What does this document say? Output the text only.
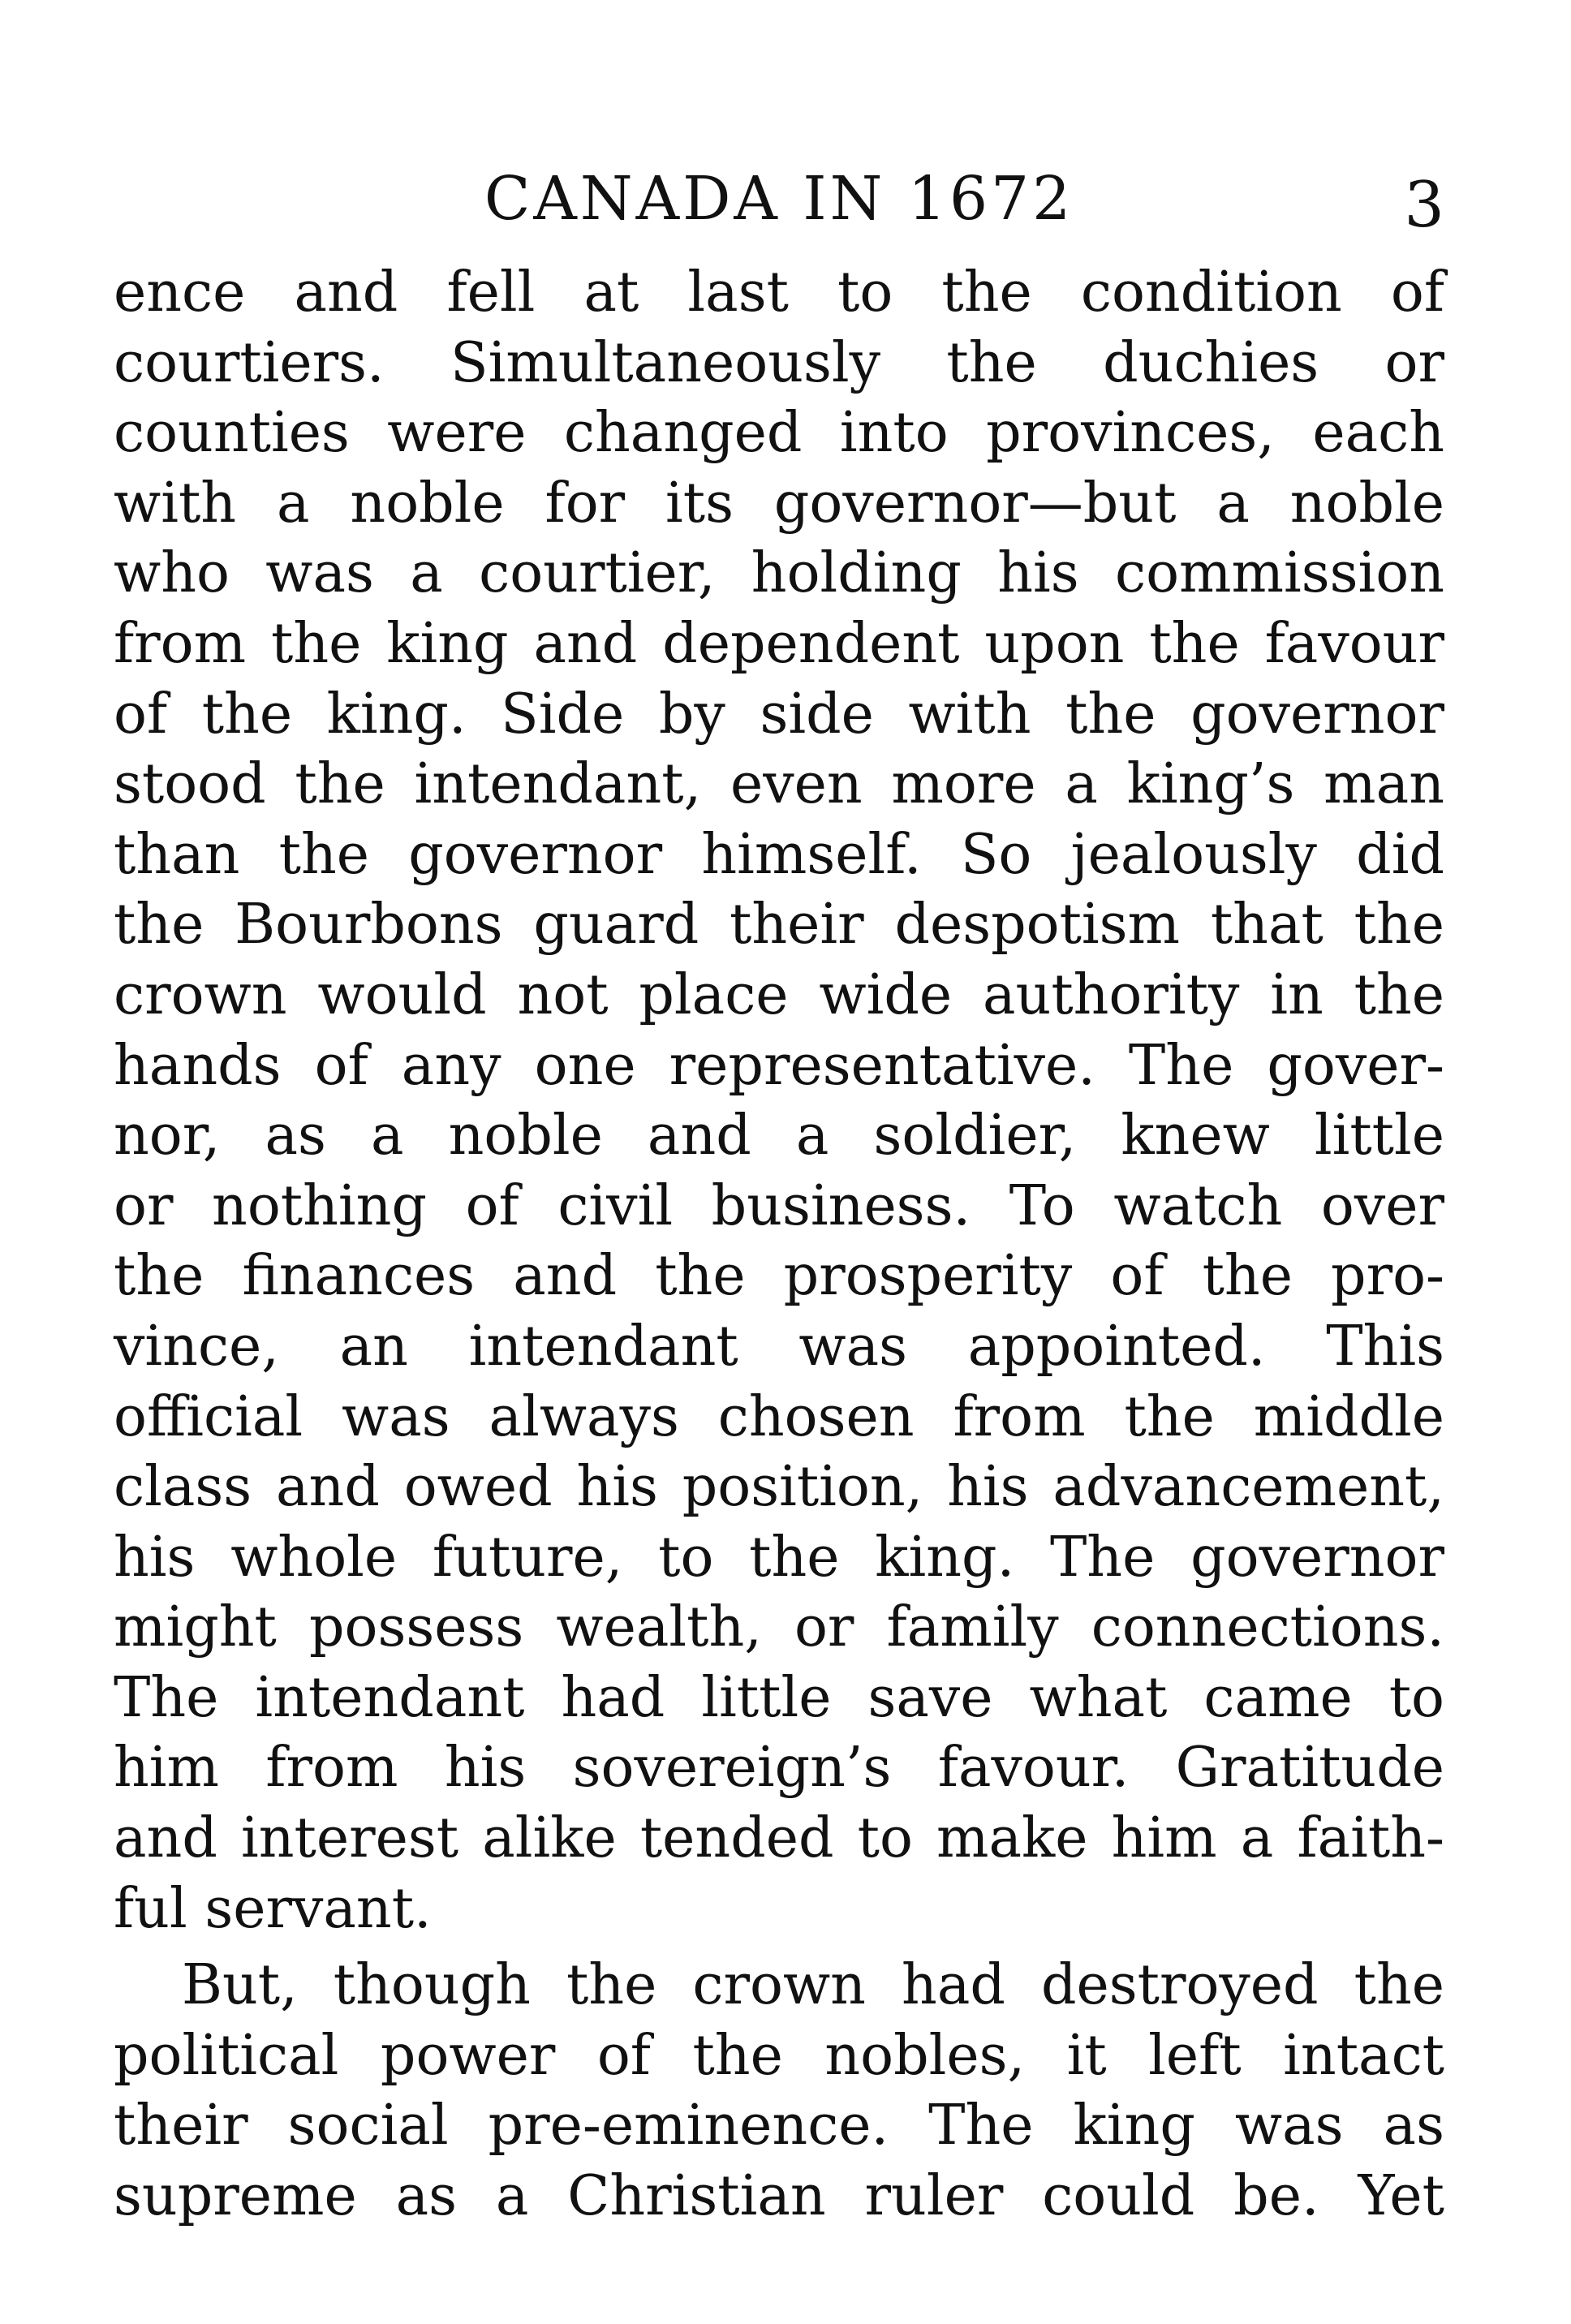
CANADA IN 1672	3
ence and fell at last to the condition of
courtiers. Simultaneously the duchies or
counties were changed into provinces, each
with a noble for its governor—but a noble
who was a courtier, holding his commission
from the king and dependent upon the favour
of the king. Side by side with the governor
stood the intendant, even more a king’s man
than the governor himself. So jealously did
the Bourbons guard their despotism that the
crown would not place wide authority in the
hands of any one representative. The gover-
nor, as a noble and a soldier, knew little
or nothing of civil business. To watch over
the finances and the prosperity of the pro-
vince, an intendant was appointed. This
official was always chosen from the middle
class and owed his position, his advancement,
his whole future, to the king. The governor
might possess wealth, or family connections.
The intendant had little save what came to
him from his sovereign’s favour. Gratitude
and interest alike tended to make him a faith-
ful servant.
But, though the crown had destroyed the
political power of the nobles, it left intact
their social pre-eminence. The king was as
supreme as a Christian ruler could be. Yet
